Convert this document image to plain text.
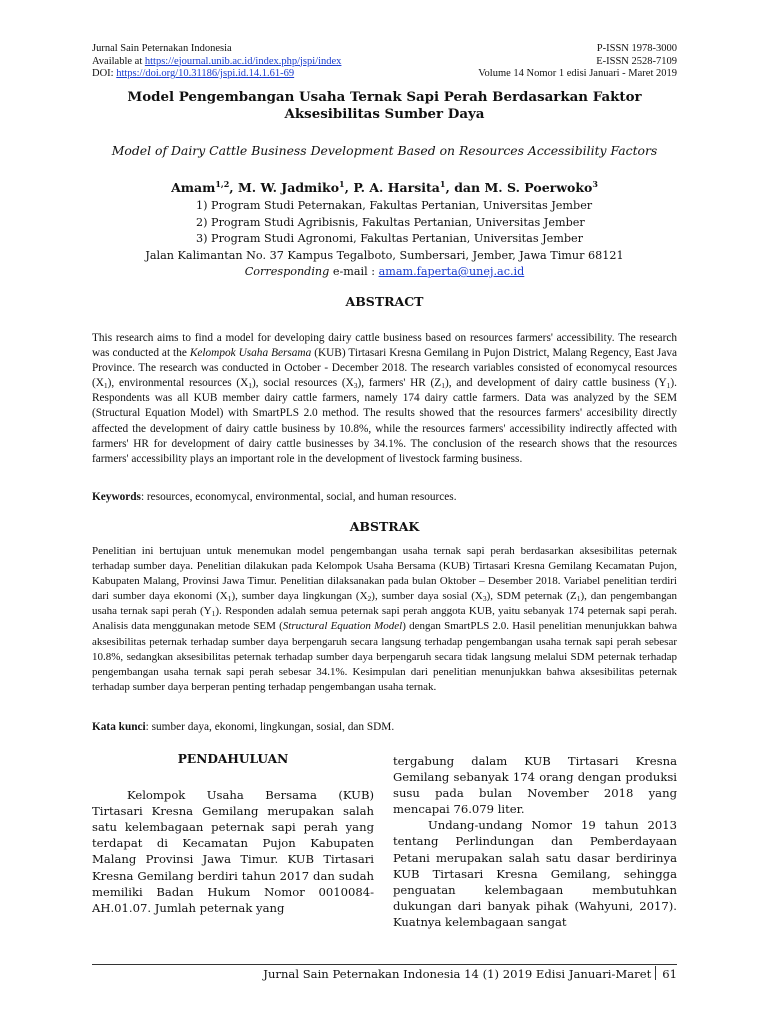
Jurnal Sain Peternakan Indonesia	P-ISSN 1978-3000
Available at https://ejournal.unib.ac.id/index.php/jspi/index	E-ISSN 2528-7109
DOI: https://doi.org/10.31186/jspi.id.14.1.61-69	Volume 14 Nomor 1 edisi Januari - Maret 2019
Model Pengembangan Usaha Ternak Sapi Perah Berdasarkan Faktor
Aksesibilitas Sumber Daya
Model of Dairy Cattle Business Development Based on Resources Accessibility Factors
Amam$^{1,2}$, M. W. Jadmiko$^1$, P. A. Harsita$^1$, dan M. S. Poerwoko$^3$
1) Program Studi Peternakan, Fakultas Pertanian, Universitas Jember
2) Program Studi Agribisnis, Fakultas Pertanian, Universitas Jember
3) Program Studi Agronomi, Fakultas Pertanian, Universitas Jember
Jalan Kalimantan No. 37 Kampus Tegalboto, Sumbersari, Jember, Jawa Timur 68121
Corresponding e-mail : amam.faperta@unej.ac.id
ABSTRACT
This research aims to find a model for developing dairy cattle business based on resources farmers' accessibility. The research was conducted at the Kelompok Usaha Bersama (KUB) Tirtasari Kresna Gemilang in Pujon District, Malang Regency, East Java Province. The research was conducted in October - December 2018. The research variables consisted of economycal resources $(X_1)$, environmental resources $(X_1)$, social resources $(X_3)$, farmers' HR $(Z_1)$, and development of dairy cattle business $(Y_1)$. Respondents was all KUB member dairy cattle farmers, namely 174 dairy cattle farmers. Data was analyzed by the SEM (Structural Equation Model) with SmartPLS 2.0 method. The results showed that the resources farmers' accesibility directly affected the development of dairy cattle business by 10.8%, while the resources farmers' accessibility indirectly affected with farmers' HR for development of dairy cattle businesses by 34.1%. The conclusion of the research shows that the resources farmers' accessibility plays an important role in the development of livestock farming business.
Keywords: resources, economycal, environmental, social, and human resources.
ABSTRAK
Penelitian ini bertujuan untuk menemukan model pengembangan usaha ternak sapi perah berdasarkan aksesibilitas peternak terhadap sumber daya. Penelitian dilakukan pada Kelompok Usaha Bersama (KUB) Tirtasari Kresna Gemilang Kecamatan Pujon, Kabupaten Malang, Provinsi Jawa Timur. Penelitian dilaksanakan pada bulan Oktober – Desember 2018. Variabel penelitian terdiri dari sumber daya ekonomi $(X_1)$, sumber daya lingkungan $(X_2)$, sumber daya sosial $(X_3)$, SDM peternak $(Z_1)$, dan pengembangan usaha ternak sapi perah $(Y_1)$. Responden adalah semua peternak sapi perah anggota KUB, yaitu sebanyak 174 peternak sapi perah. Analisis data menggunakan metode SEM (Structural Equation Model) dengan SmartPLS 2.0. Hasil penelitian menunjukkan bahwa aksesibilitas peternak terhadap sumber daya berpengaruh secara langsung terhadap pengembangan usaha ternak sapi perah sebesar 10.8%, sedangkan aksesibilitas peternak terhadap sumber daya berpengaruh secara tidak langsung melalui SDM peternak terhadap pengembangan usaha ternak sapi perah sebesar 34.1%. Kesimpulan dari penelitian menunjukkan bahwa aksesibilitas peternak terhadap sumber daya berperan penting terhadap pengembangan usaha ternak.
Kata kunci: sumber daya, ekonomi, lingkungan, sosial, dan SDM.
PENDAHULUAN
Kelompok Usaha Bersama (KUB) Tirtasari Kresna Gemilang merupakan salah satu kelembagaan peternak sapi perah yang terdapat di Kecamatan Pujon Kabupaten Malang Provinsi Jawa Timur. KUB Tirtasari Kresna Gemilang berdiri tahun 2017 dan sudah memiliki Badan Hukum Nomor 0010084-AH.01.07. Jumlah peternak yang
tergabung dalam KUB Tirtasari Kresna Gemilang sebanyak 174 orang dengan produksi susu pada bulan November 2018 yang mencapai 76.079 liter.
Undang-undang Nomor 19 tahun 2013 tentang Perlindungan dan Pemberdayaan Petani merupakan salah satu dasar berdirinya KUB Tirtasari Kresna Gemilang, sehingga penguatan kelembagaan membutuhkan dukungan dari banyak pihak (Wahyuni, 2017). Kuatnya kelembagaan sangat
Jurnal Sain Peternakan Indonesia 14 (1) 2019 Edisi Januari-Maret 61
